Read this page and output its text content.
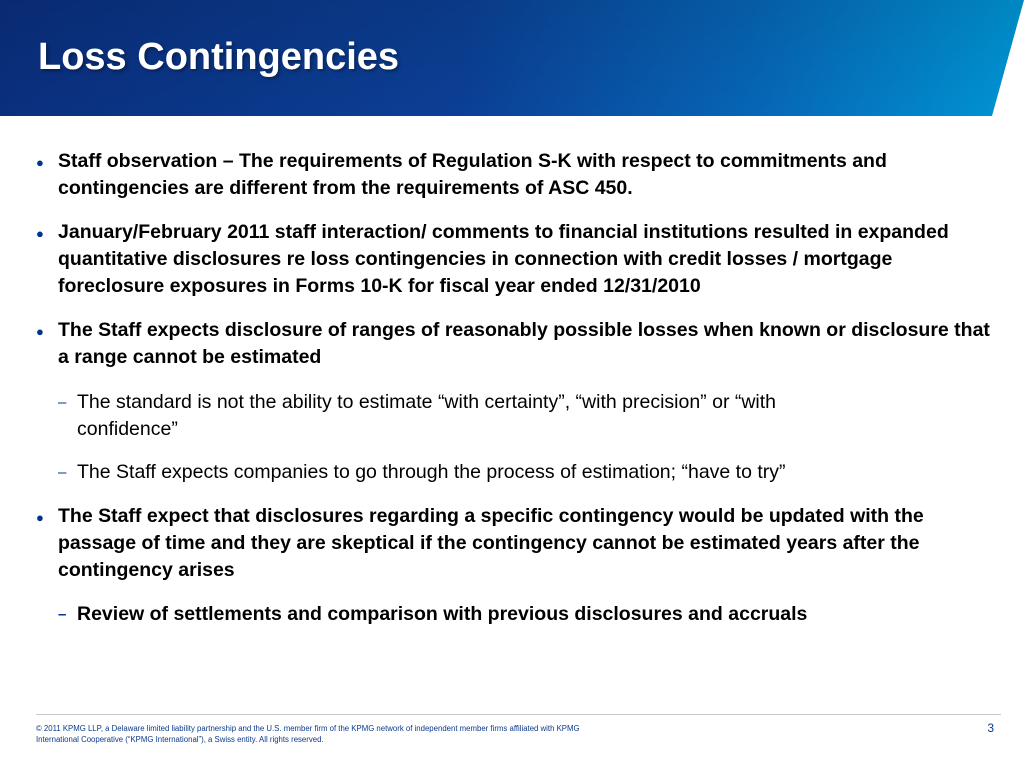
Loss Contingencies
● Staff observation – The requirements of Regulation S-K with respect to commitments and contingencies are different from the requirements of ASC 450.
● January/February 2011 staff interaction/ comments to financial institutions resulted in expanded quantitative disclosures re loss contingencies in connection with credit losses / mortgage foreclosure exposures in Forms 10-K for fiscal year ended 12/31/2010
● The Staff expects disclosure of ranges of reasonably possible losses when known or disclosure that a range cannot be estimated
– The standard is not the ability to estimate “with certainty”, “with precision” or “with confidence”
– The Staff expects companies to go through the process of estimation; “have to try”
● The Staff expect that disclosures regarding a specific contingency would be updated with the passage of time and they are skeptical if the contingency cannot be estimated years after the contingency arises
– Review of settlements and comparison with previous disclosures and accruals
© 2011 KPMG LLP, a Delaware limited liability partnership and the U.S. member firm of the KPMG network of independent member firms affiliated with KPMG
International Cooperative (“KPMG International”), a Swiss entity. All rights reserved.
3
